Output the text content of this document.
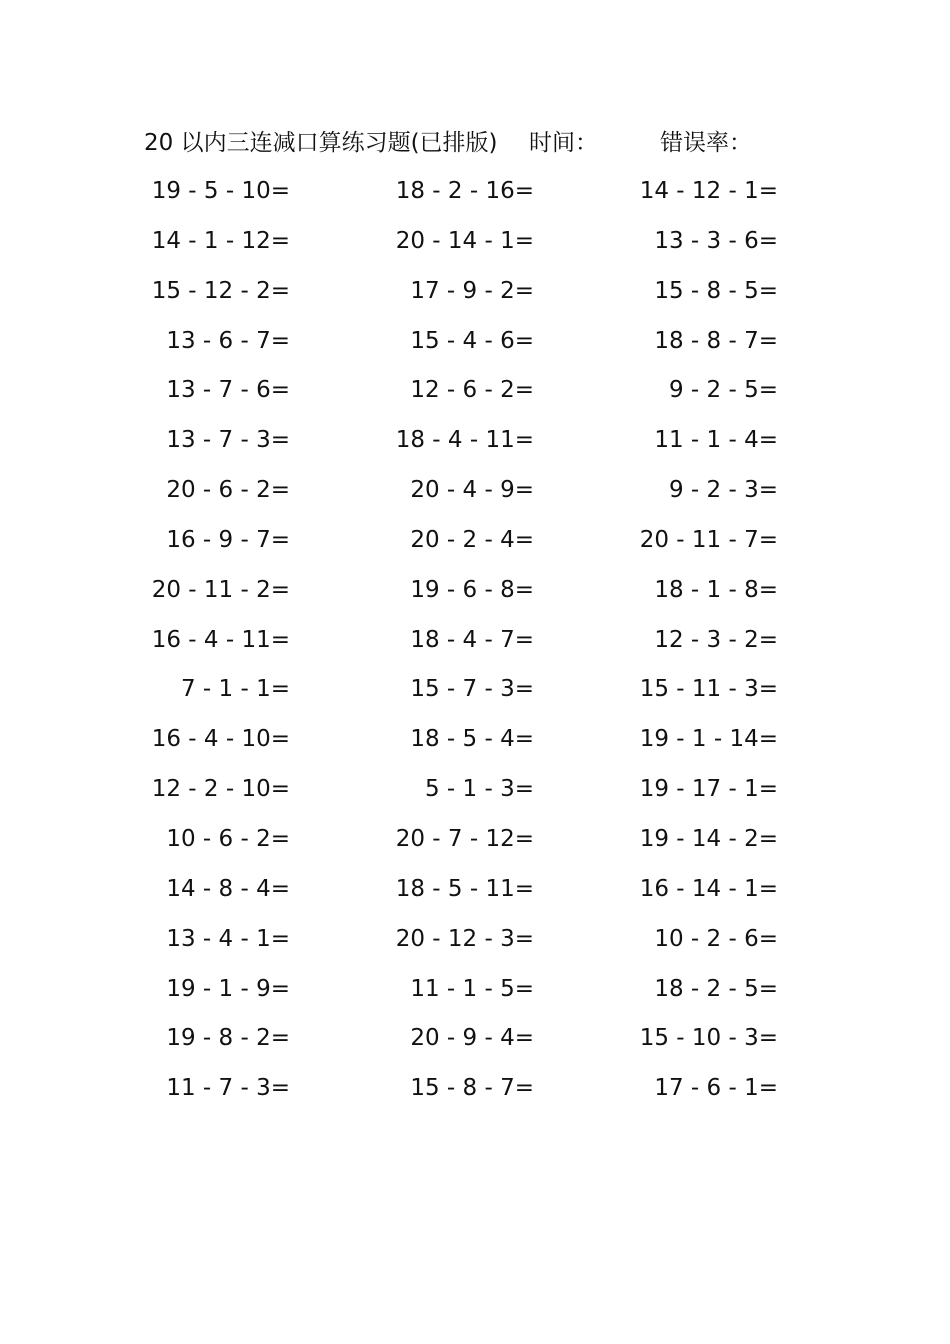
20 以内三连减口算练习题(已排版) 时间：	错误率：
19 - 5 - 10=
14 - 1 - 12=
15 - 12 - 2=
13 - 6 - 7=
13 - 7 - 6=
13 - 7 - 3=
20 - 6 - 2=
16 - 9 - 7=
20 - 11 - 2=
16 - 4 - 11=
7 - 1 - 1=
16 - 4 - 10=
12 - 2 - 10=
10 - 6 - 2=
14 - 8 - 4=
13 - 4 - 1=
19 - 1 - 9=
19 - 8 - 2=
11 - 7 - 3=
18 - 2 - 16=
20 - 14 - 1=
17 - 9 - 2=
15 - 4 - 6=
12 - 6 - 2=
18 - 4 - 11=
20 - 4 - 9=
20 - 2 - 4=
19 - 6 - 8=
18 - 4 - 7=
15 - 7 - 3=
18 - 5 - 4=
5 - 1 - 3=
20 - 7 - 12=
18 - 5 - 11=
20 - 12 - 3=
11 - 1 - 5=
20 - 9 - 4=
15 - 8 - 7=
14 - 12 - 1=
13 - 3 - 6=
15 - 8 - 5=
18 - 8 - 7=
9 - 2 - 5=
11 - 1 - 4=
9 - 2 - 3=
20 - 11 - 7=
18 - 1 - 8=
12 - 3 - 2=
15 - 11 - 3=
19 - 1 - 14=
19 - 17 - 1=
19 - 14 - 2=
16 - 14 - 1=
10 - 2 - 6=
18 - 2 - 5=
15 - 10 - 3=
17 - 6 - 1=
